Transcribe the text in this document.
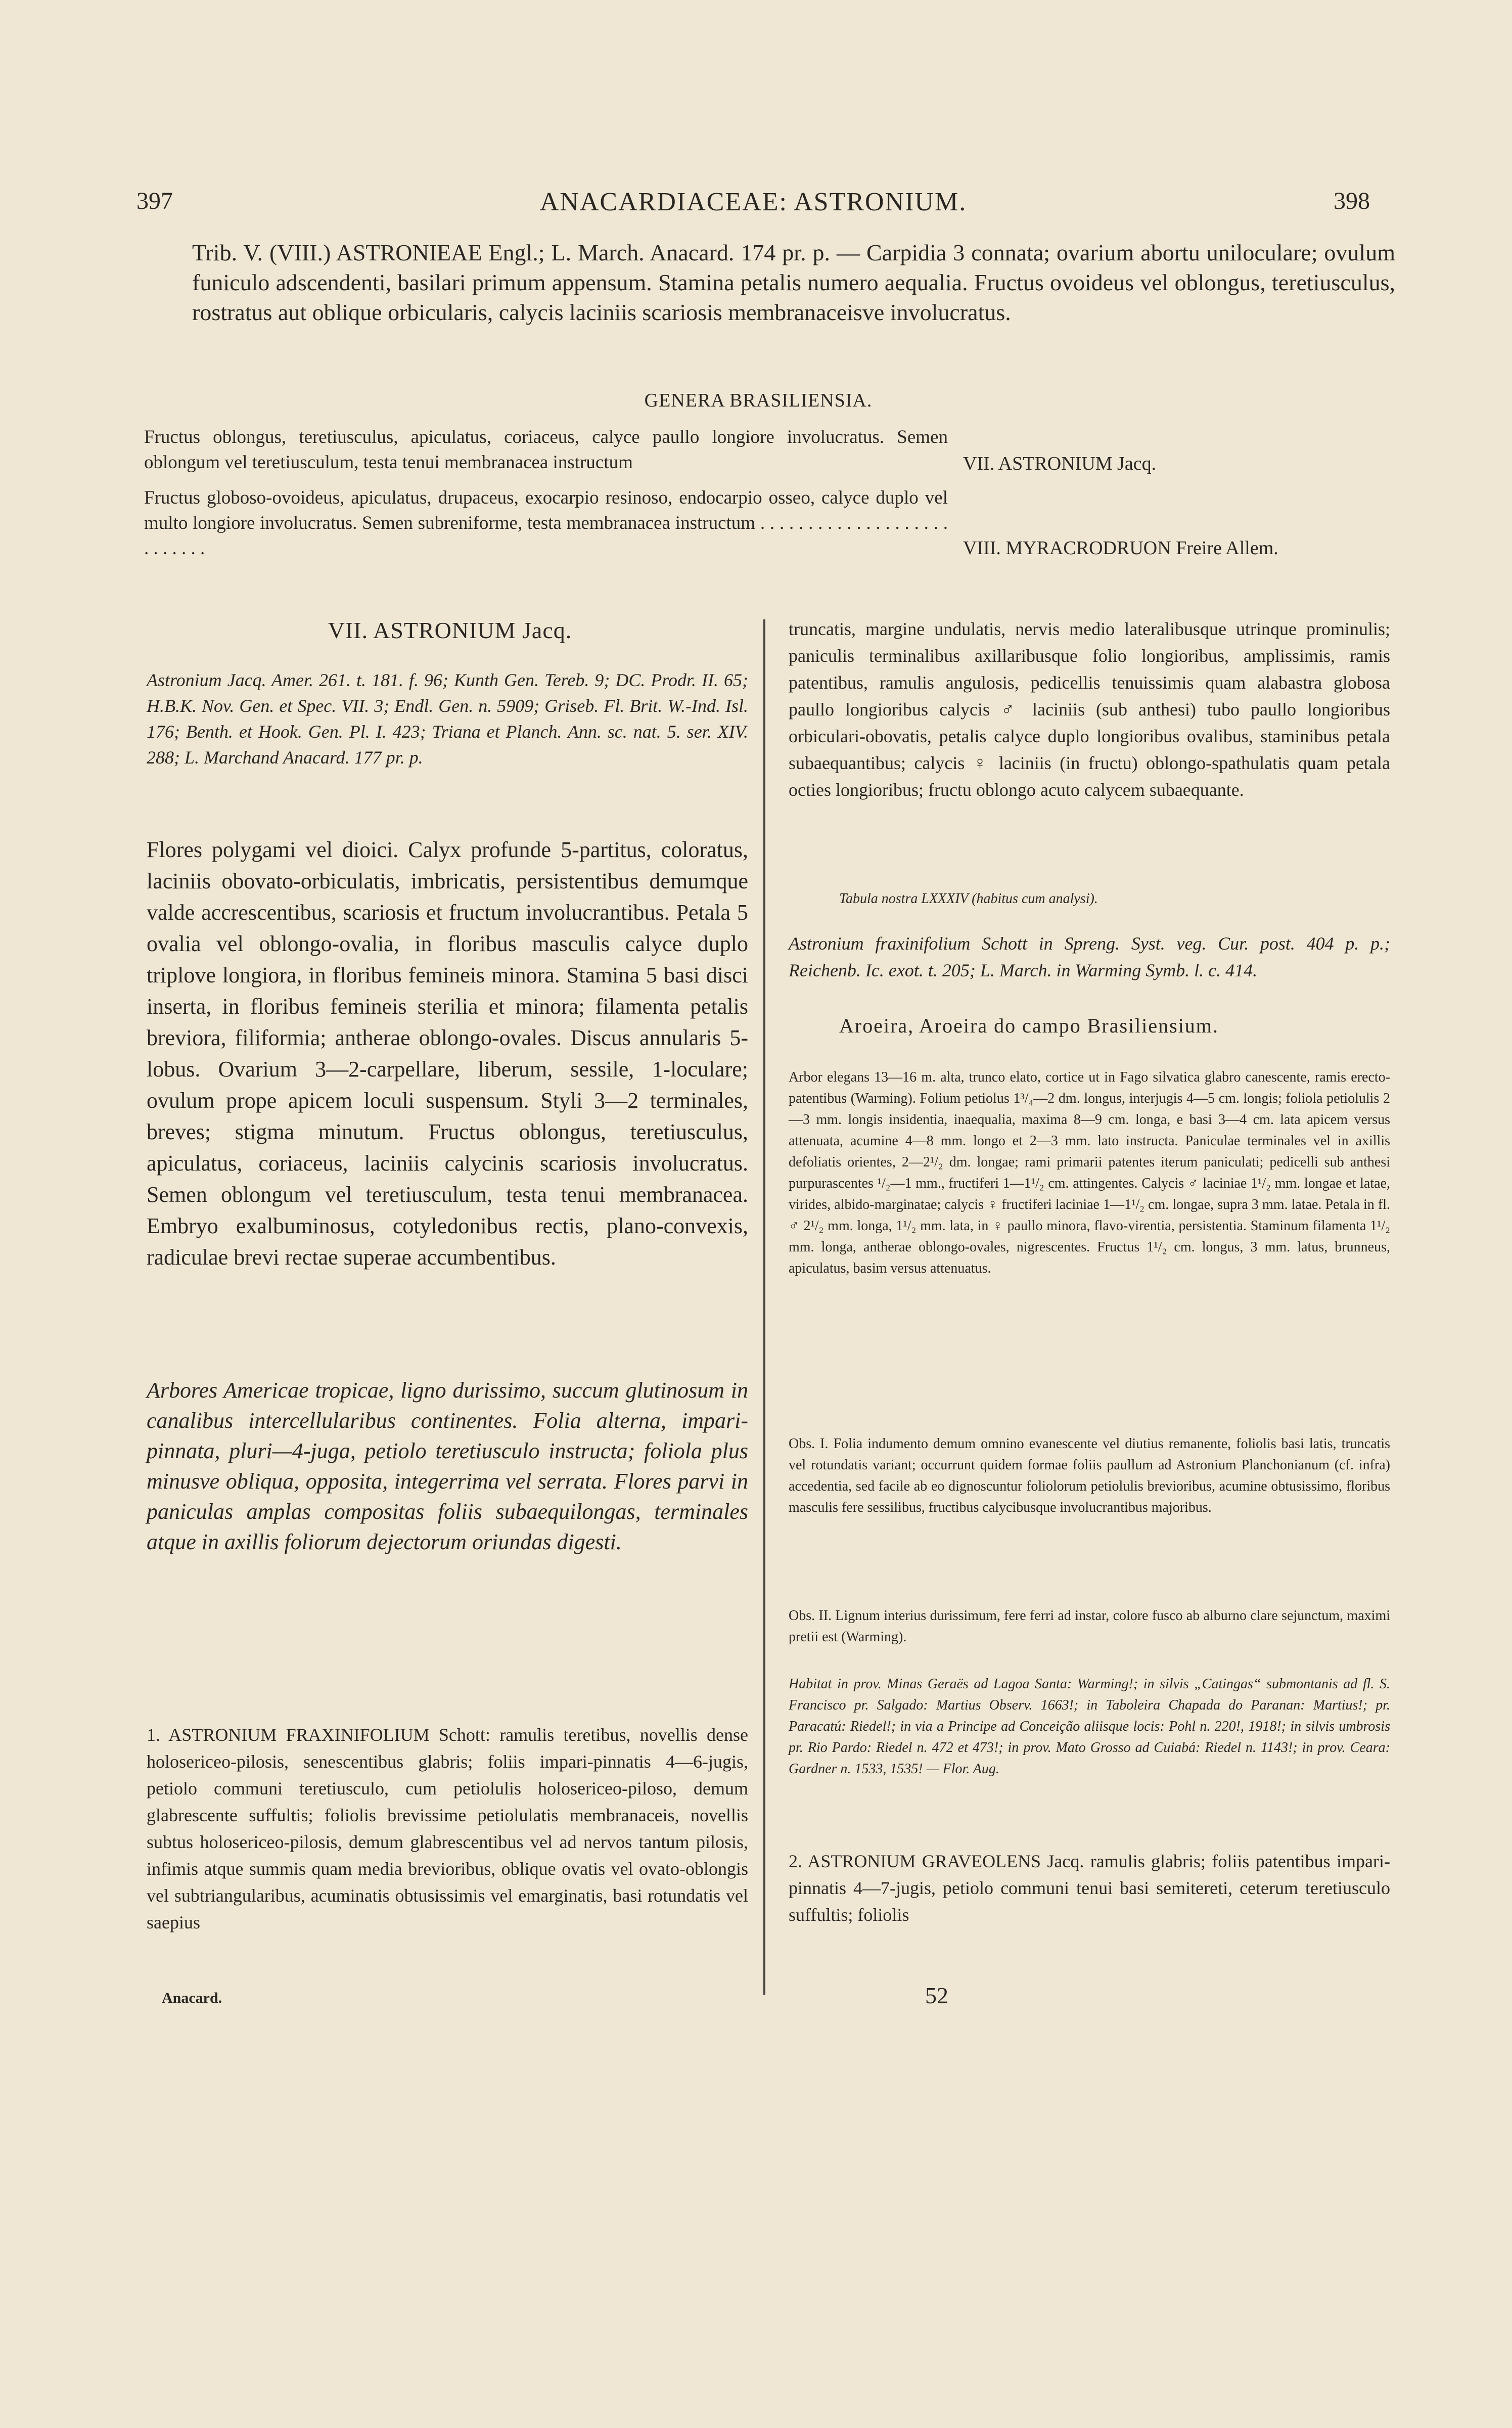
397	ANACARDIACEAE: ASTRONIUM.	398
Trib. V. (VIII.) ASTRONIEAE Engl.; L. March. Anacard. 174 pr. p. — Carpidia 3 connata; ovarium abortu uniloculare; ovulum funiculo adscendenti, basilari primum appensum. Stamina petalis numero aequalia. Fructus ovoideus vel oblongus, teretiusculus, rostratus aut oblique orbicularis, calycis laciniis scariosis membranaceisve involucratus.
GENERA BRASILIENSIA.
Fructus oblongus, teretiusculus, apiculatus, coriaceus, calyce paullo longiore involucratus. Semen oblongum vel teretiusculum, testa tenui membranacea instructum	VII. ASTRONIUM Jacq.
Fructus globoso-ovoideus, apiculatus, drupaceus, exocarpio resinoso, endocarpio osseo, calyce duplo vel multo longiore involucratus. Semen subreniforme, testa membranacea instructum . . . . . . . . . . . . . . . . . . . . . . . . . . .	VIII. MYRACRODRUON Freire Allem.
VII. ASTRONIUM Jacq.
Astronium Jacq. Amer. 261. t. 181. f. 96; Kunth Gen. Tereb. 9; DC. Prodr. II. 65; H.B.K. Nov. Gen. et Spec. VII. 3; Endl. Gen. n. 5909; Griseb. Fl. Brit. W.-Ind. Isl. 176; Benth. et Hook. Gen. Pl. I. 423; Triana et Planch. Ann. sc. nat. 5. ser. XIV. 288; L. Marchand Anacard. 177 pr. p.
Flores polygami vel dioici. Calyx profunde 5-partitus, coloratus, laciniis obovato-orbiculatis, imbricatis, persistentibus demumque valde accrescentibus, scariosis et fructum involucrantibus. Petala 5 ovalia vel oblongo-ovalia, in floribus masculis calyce duplo triplove longiora, in floribus femineis minora. Stamina 5 basi disci inserta, in floribus femineis sterilia et minora; filamenta petalis breviora, filiformia; antherae oblongo-ovales. Discus annularis 5-lobus. Ovarium 3—2-carpellare, liberum, sessile, 1-loculare; ovulum prope apicem loculi suspensum. Styli 3—2 terminales, breves; stigma minutum. Fructus oblongus, teretiusculus, apiculatus, coriaceus, laciniis calycinis scariosis involucratus. Semen oblongum vel teretiusculum, testa tenui membranacea. Embryo exalbuminosus, cotyledonibus rectis, plano-convexis, radiculae brevi rectae superae accumbentibus.
Arbores Americae tropicae, ligno durissimo, succum glutinosum in canalibus intercellularibus continentes. Folia alterna, impari-pinnata, pluri—4-juga, petiolo teretiusculo instructa; foliola plus minusve obliqua, opposita, integerrima vel serrata. Flores parvi in paniculas amplas compositas foliis subaequilongas, terminales atque in axillis foliorum dejectorum oriundas digesti.
1. ASTRONIUM FRAXINIFOLIUM Schott: ramulis teretibus, novellis dense holosericeo-pilosis, senescentibus glabris; foliis impari-pinnatis 4—6-jugis, petiolo communi teretiusculo, cum petiolulis holosericeo-piloso, demum glabrescente suffultis; foliolis brevissime petiolulatis membranaceis, novellis subtus holosericeo-pilosis, demum glabrescentibus vel ad nervos tantum pilosis, infimis atque summis quam media brevioribus, oblique ovatis vel ovato-oblongis vel subtriangularibus, acuminatis obtusissimis vel emarginatis, basi rotundatis vel saepius
truncatis, margine undulatis, nervis medio lateralibusque utrinque prominulis; paniculis terminalibus axillaribusque folio longioribus, amplissimis, ramis patentibus, ramulis angulosis, pedicellis tenuissimis quam alabastra globosa paullo longioribus calycis ♂ laciniis (sub anthesi) tubo paullo longioribus orbiculari-obovatis, petalis calyce duplo longioribus ovalibus, staminibus petala subaequantibus; calycis ♀ laciniis (in fructu) oblongo-spathulatis quam petala octies longioribus; fructu oblongo acuto calycem subaequante.
Tabula nostra LXXXIV (habitus cum analysi).
Astronium fraxinifolium Schott in Spreng. Syst. veg. Cur. post. 404 p. p.; Reichenb. Ic. exot. t. 205; L. March. in Warming Symb. l. c. 414.
Aroeira, Aroeira do campo Brasiliensium.
Arbor elegans 13—16 m. alta, trunco elato, cortice ut in Fago silvatica glabro canescente, ramis erecto-patentibus (Warming). Folium petiolus 1³/₄—2 dm. longus, interjugis 4—5 cm. longis; foliola petiolulis 2—3 mm. longis insidentia, inaequalia, maxima 8—9 cm. longa, e basi 3—4 cm. lata apicem versus attenuata, acumine 4—8 mm. longo et 2—3 mm. lato instructa. Paniculae terminales vel in axillis defoliatis orientes, 2—2¹/₂ dm. longae; rami primarii patentes iterum paniculati; pedicelli sub anthesi purpurascentes ¹/₂—1 mm., fructiferi 1—1¹/₂ cm. attingentes. Calycis ♂ laciniae 1¹/₂ mm. longae et latae, virides, albido-marginatae; calycis ♀ fructiferi laciniae 1—1¹/₂ cm. longae, supra 3 mm. latae. Petala in fl. ♂ 2¹/₂ mm. longa, 1¹/₂ mm. lata, in ♀ paullo minora, flavo-virentia, persistentia. Staminum filamenta 1¹/₂ mm. longa, antherae oblongo-ovales, nigrescentes. Fructus 1¹/₂ cm. longus, 3 mm. latus, brunneus, apiculatus, basim versus attenuatus.
Obs. I. Folia indumento demum omnino evanescente vel diutius remanente, foliolis basi latis, truncatis vel rotundatis variant; occurrunt quidem formae foliis paullum ad Astronium Planchonianum (cf. infra) accedentia, sed facile ab eo dignoscuntur foliolorum petiolulis brevioribus, acumine obtusissimo, floribus masculis fere sessilibus, fructibus calycibusque involucrantibus majoribus.
Obs. II. Lignum interius durissimum, fere ferri ad instar, colore fusco ab alburno clare sejunctum, maximi pretii est (Warming).
Habitat in prov. Minas Geraës ad Lagoa Santa: Warming!; in silvis „Catingas“ submontanis ad fl. S. Francisco pr. Salgado: Martius Observ. 1663!; in Taboleira Chapada do Paranan: Martius!; pr. Paracatú: Riedel!; in via a Principe ad Conceição aliisque locis: Pohl n. 220!, 1918!; in silvis umbrosis pr. Rio Pardo: Riedel n. 472 et 473!; in prov. Mato Grosso ad Cuiabá: Riedel n. 1143!; in prov. Ceara: Gardner n. 1533, 1535! — Flor. Aug.
2. ASTRONIUM GRAVEOLENS Jacq. ramulis glabris; foliis patentibus impari-pinnatis 4—7-jugis, petiolo communi tenui basi semitereti, ceterum teretiusculo suffultis; foliolis
Anacard.	52
